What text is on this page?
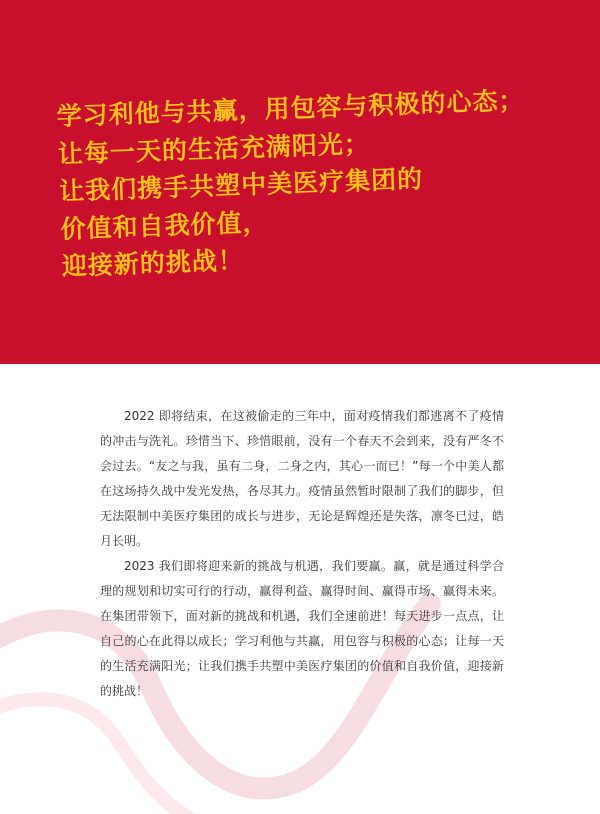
学习利他与共赢，用包容与积极的心态；
让每一天的生活充满阳光；
让我们携手共塑中美医疗集团的
价值和自我价值，
迎接新的挑战！

2022 即将结束，在这被偷走的三年中，面对疫情我们都逃离不了疫情的冲击与洗礼。珍惜当下、珍惜眼前，没有一个春天不会到来，没有严冬不会过去。“友之与我，虽有二身，二身之内，其心一而已！”每一个中美人都在这场持久战中发光发热，各尽其力。疫情虽然暂时限制了我们的脚步，但无法限制中美医疗集团的成长与进步，无论是辉煌还是失落，凛冬已过，皓月长明。

2023 我们即将迎来新的挑战与机遇，我们要赢。赢，就是通过科学合理的规划和切实可行的行动，赢得利益、赢得时间、赢得市场、赢得未来。在集团带领下，面对新的挑战和机遇，我们全速前进！每天进步一点点，让自己的心在此得以成长；学习利他与共赢，用包容与积极的心态；让每一天的生活充满阳光；让我们携手共塑中美医疗集团的价值和自我价值，迎接新的挑战！
